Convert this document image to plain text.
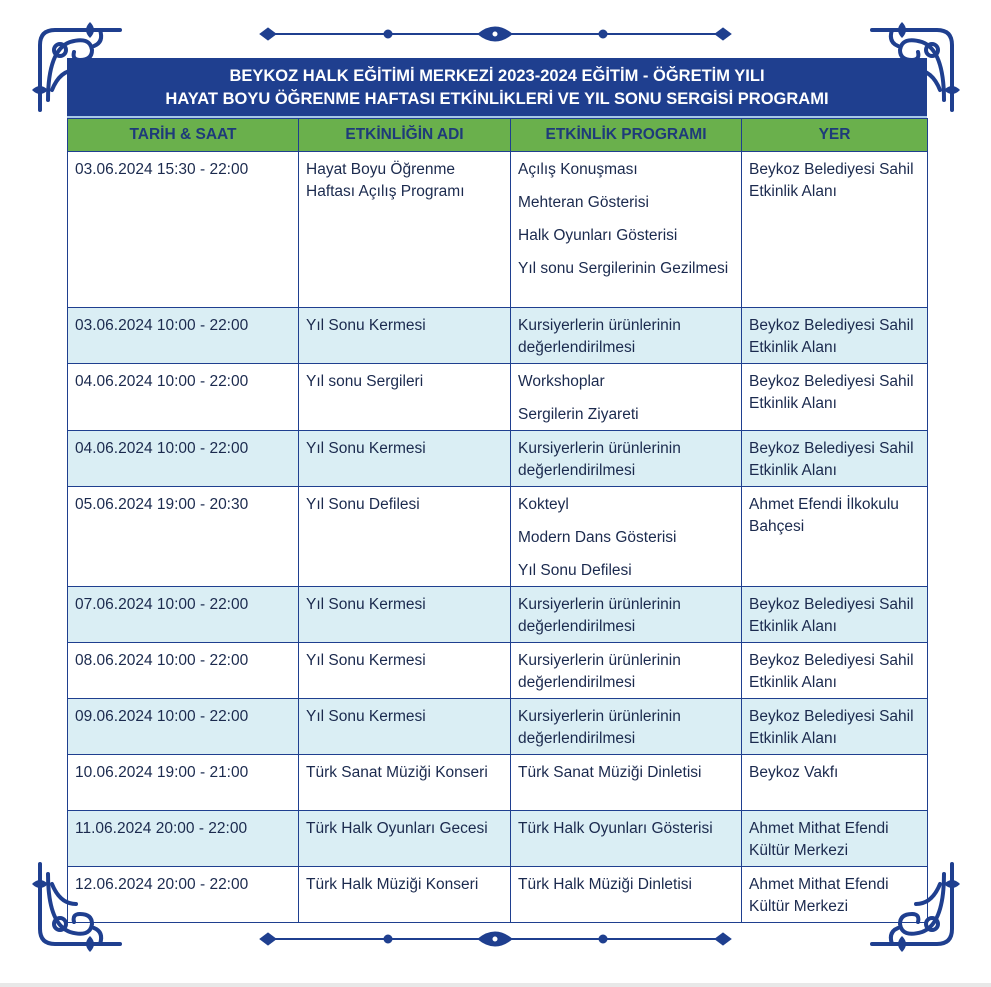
BEYKOZ HALK EĞİTİMİ MERKEZİ 2023-2024 EĞİTİM - ÖĞRETİM YILI
HAYAT BOYU ÖĞRENME HAFTASI ETKİNLİKLERİ VE YIL SONU SERGİSİ PROGRAMI
TARİH & SAAT	ETKİNLİĞİN ADI	ETKİNLİK PROGRAMI	YER
03.06.2024 15:30 - 22:00	Hayat Boyu Öğrenme Haftası Açılış Programı	Açılış Konuşması
Mehteran Gösterisi
Halk Oyunları Gösterisi
Yıl sonu Sergilerinin Gezilmesi	Beykoz Belediyesi Sahil Etkinlik Alanı
03.06.2024 10:00 - 22:00	Yıl Sonu Kermesi	Kursiyerlerin ürünlerinin değerlendirilmesi	Beykoz Belediyesi Sahil Etkinlik Alanı
04.06.2024 10:00 - 22:00	Yıl sonu Sergileri	Workshoplar
Sergilerin Ziyareti	Beykoz Belediyesi Sahil Etkinlik Alanı
04.06.2024 10:00 - 22:00	Yıl Sonu Kermesi	Kursiyerlerin ürünlerinin değerlendirilmesi	Beykoz Belediyesi Sahil Etkinlik Alanı
05.06.2024 19:00 - 20:30	Yıl Sonu Defilesi	Kokteyl
Modern Dans Gösterisi
Yıl Sonu Defilesi	Ahmet Efendi İlkokulu Bahçesi
07.06.2024 10:00 - 22:00	Yıl Sonu Kermesi	Kursiyerlerin ürünlerinin değerlendirilmesi	Beykoz Belediyesi Sahil Etkinlik Alanı
08.06.2024 10:00 - 22:00	Yıl Sonu Kermesi	Kursiyerlerin ürünlerinin değerlendirilmesi	Beykoz Belediyesi Sahil Etkinlik Alanı
09.06.2024 10:00 - 22:00	Yıl Sonu Kermesi	Kursiyerlerin ürünlerinin değerlendirilmesi	Beykoz Belediyesi Sahil Etkinlik Alanı
10.06.2024 19:00 - 21:00	Türk Sanat Müziği Konseri	Türk Sanat Müziği Dinletisi	Beykoz Vakfı
11.06.2024 20:00 - 22:00	Türk Halk Oyunları Gecesi	Türk Halk Oyunları Gösterisi	Ahmet Mithat Efendi Kültür Merkezi
12.06.2024 20:00 - 22:00	Türk Halk Müziği Konseri	Türk Halk Müziği Dinletisi	Ahmet Mithat Efendi Kültür Merkezi
